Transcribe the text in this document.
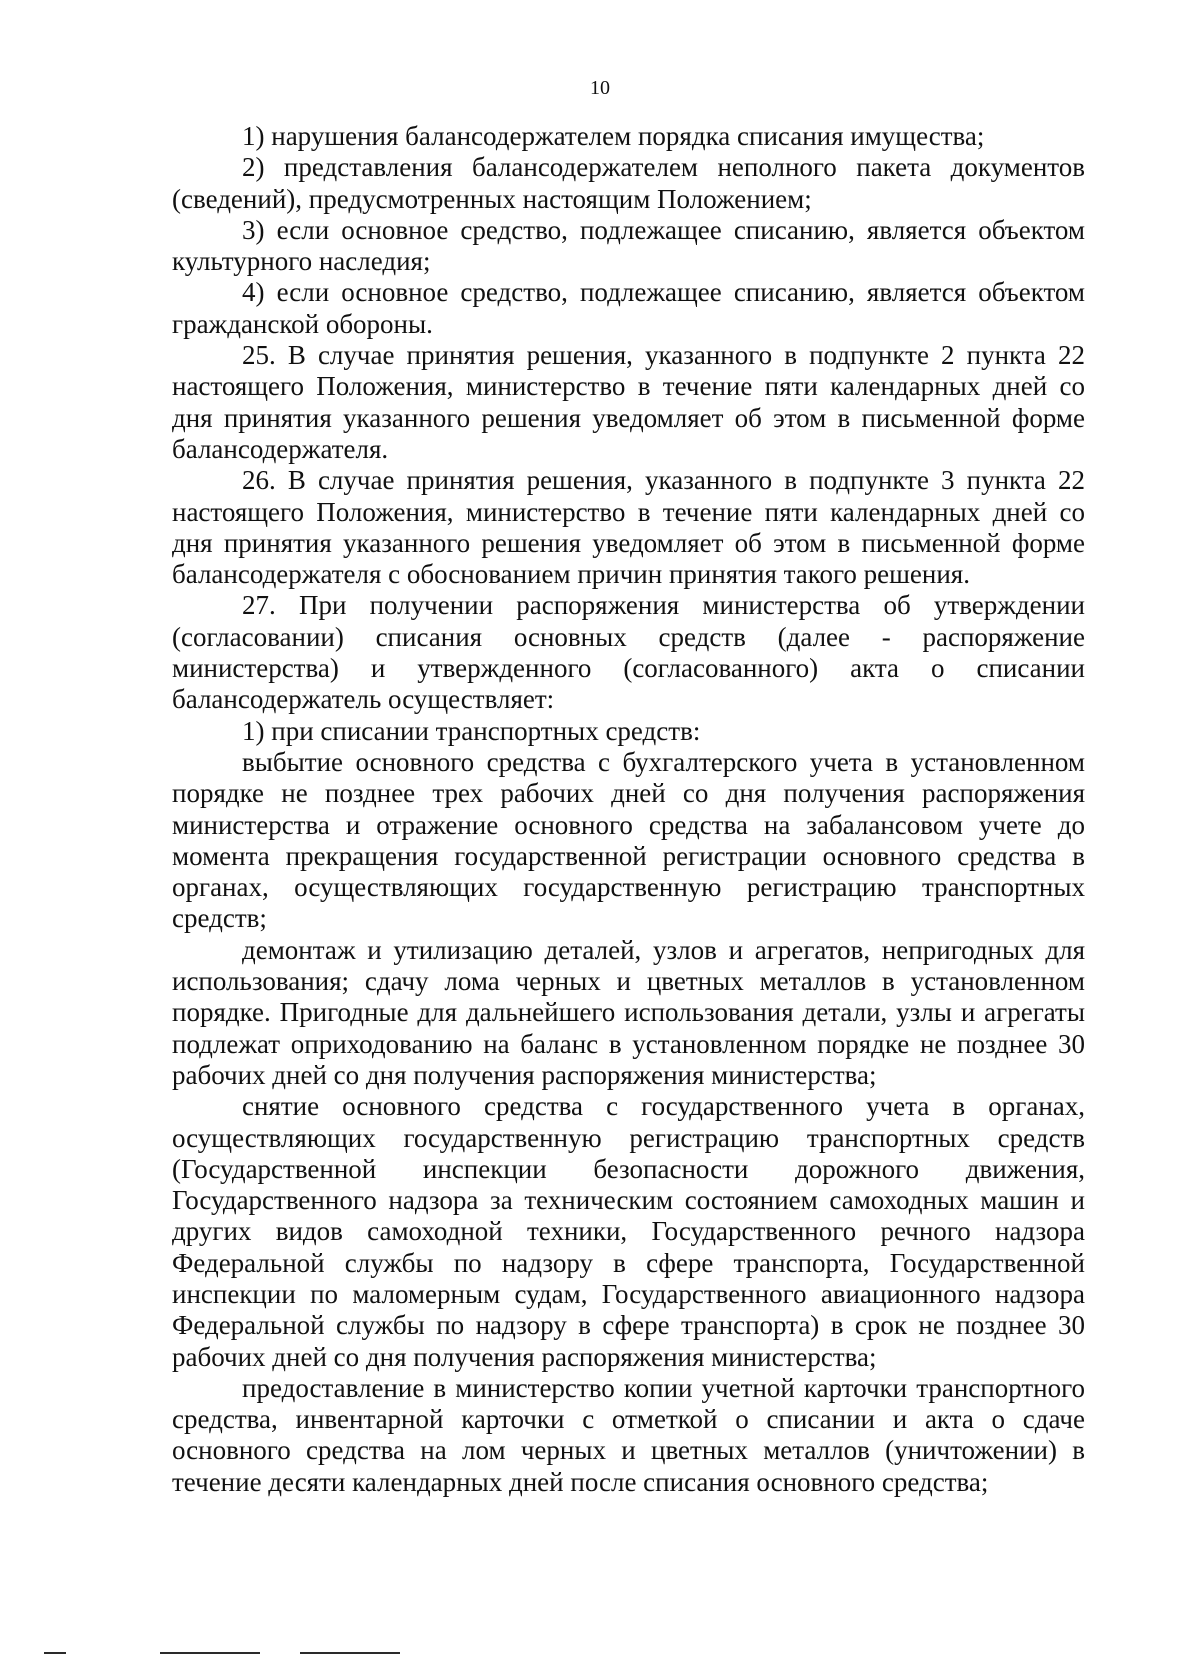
10

1) нарушения балансодержателем порядка списания имущества;

2) представления балансодержателем неполного пакета документов (сведений), предусмотренных настоящим Положением;

3) если основное средство, подлежащее списанию, является объектом культурного наследия;

4) если основное средство, подлежащее списанию, является объектом гражданской обороны.

25. В случае принятия решения, указанного в подпункте 2 пункта 22 настоящего Положения, министерство в течение пяти календарных дней со дня принятия указанного решения уведомляет об этом в письменной форме балансодержателя.

26. В случае принятия решения, указанного в подпункте 3 пункта 22 настоящего Положения, министерство в течение пяти календарных дней со дня принятия указанного решения уведомляет об этом в письменной форме балансодержателя с обоснованием причин принятия такого решения.

27. При получении распоряжения министерства об утверждении (согласовании) списания основных средств (далее - распоряжение министерства) и утвержденного (согласованного) акта о списании балансодержатель осуществляет:

1) при списании транспортных средств:

выбытие основного средства с бухгалтерского учета в установленном порядке не позднее трех рабочих дней со дня получения распоряжения министерства и отражение основного средства на забалансовом учете до момента прекращения государственной регистрации основного средства в органах, осуществляющих государственную регистрацию транспортных средств;

демонтаж и утилизацию деталей, узлов и агрегатов, непригодных для использования; сдачу лома черных и цветных металлов в установленном порядке. Пригодные для дальнейшего использования детали, узлы и агрегаты подлежат оприходованию на баланс в установленном порядке не позднее 30 рабочих дней со дня получения распоряжения министерства;

снятие основного средства с государственного учета в органах, осуществляющих государственную регистрацию транспортных средств (Государственной инспекции безопасности дорожного движения, Государственного надзора за техническим состоянием самоходных машин и других видов самоходной техники, Государственного речного надзора Федеральной службы по надзору в сфере транспорта, Государственной инспекции по маломерным судам, Государственного авиационного надзора Федеральной службы по надзору в сфере транспорта) в срок не позднее 30 рабочих дней со дня получения распоряжения министерства;

предоставление в министерство копии учетной карточки транспортного средства, инвентарной карточки с отметкой о списании и акта о сдаче основного средства на лом черных и цветных металлов (уничтожении) в течение десяти календарных дней после списания основного средства;
